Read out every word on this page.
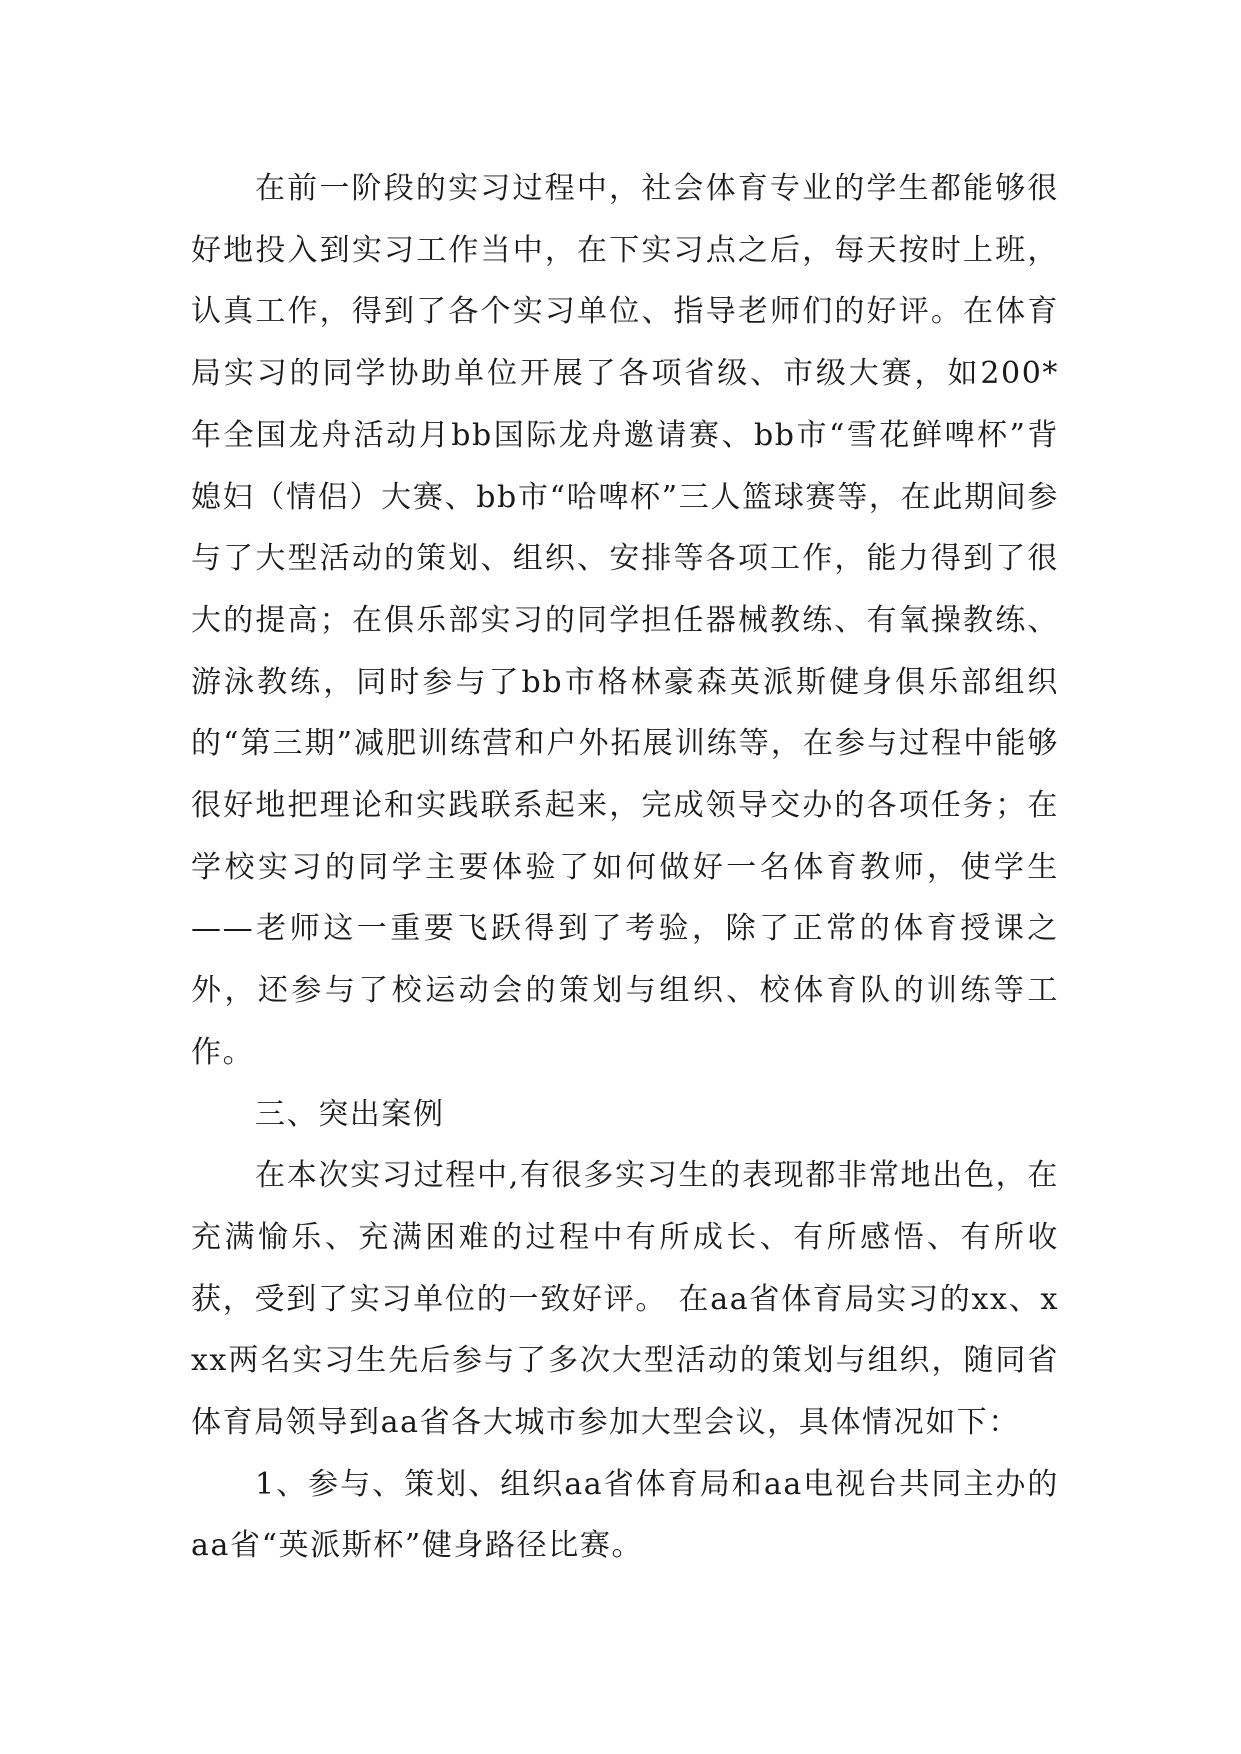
在前一阶段的实习过程中，社会体育专业的学生都能够很好地投入到实习工作当中，在下实习点之后，每天按时上班，认真工作，得到了各个实习单位、指导老师们的好评。在体育局实习的同学协助单位开展了各项省级、市级大赛，如200*年全国龙舟活动月bb国际龙舟邀请赛、bb市“雪花鲜啤杯”背媳妇（情侣）大赛、bb市“哈啤杯”三人篮球赛等，在此期间参与了大型活动的策划、组织、安排等各项工作，能力得到了很大的提高；在俱乐部实习的同学担任器械教练、有氧操教练、游泳教练，同时参与了bb市格林豪森英派斯健身俱乐部组织的“第三期”减肥训练营和户外拓展训练等，在参与过程中能够很好地把理论和实践联系起来，完成领导交办的各项任务；在学校实习的同学主要体验了如何做好一名体育教师，使学生——老师这一重要飞跃得到了考验，除了正常的体育授课之外，还参与了校运动会的策划与组织、校体育队的训练等工作。

三、突出案例

在本次实习过程中,有很多实习生的表现都非常地出色，在充满愉乐、充满困难的过程中有所成长、有所感悟、有所收获，受到了实习单位的一致好评。 在aa省体育局实习的xx、xxx两名实习生先后参与了多次大型活动的策划与组织，随同省体育局领导到aa省各大城市参加大型会议，具体情况如下：

1、参与、策划、组织aa省体育局和aa电视台共同主办的aa省“英派斯杯”健身路径比赛。
